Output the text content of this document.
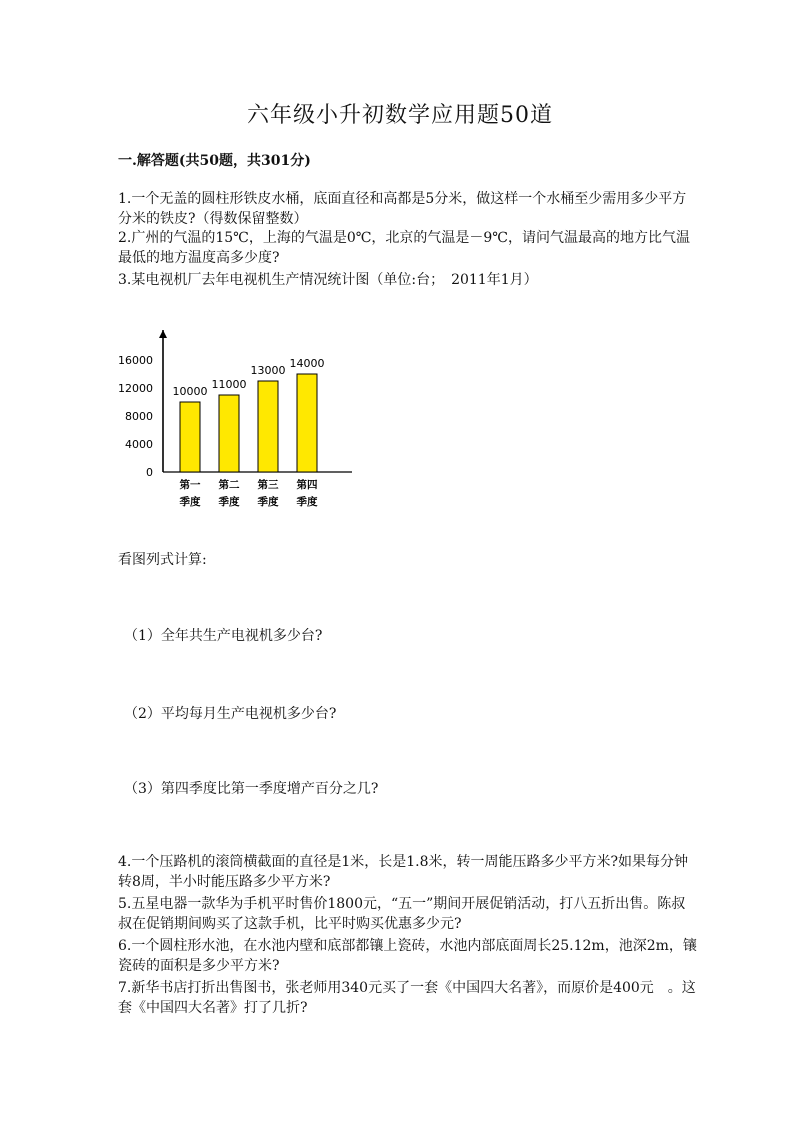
六年级小升初数学应用题50道
一.解答题(共50题，共301分)
1.一个无盖的圆柱形铁皮水桶，底面直径和高都是5分米，做这样一个水桶至少需用多少平方分米的铁皮?（得数保留整数）
2.广州的气温的15℃，上海的气温是0℃，北京的气温是－9℃，请问气温最高的地方比气温最低的地方温度高多少度?
3.某电视机厂去年电视机生产情况统计图（单位:台；　2011年1月）
0
4000
8000
12000
16000
10000
第一
季度
11000
第二
季度
13000
第三
季度
14000
第四
季度
看图列式计算:
（1）全年共生产电视机多少台?
（2）平均每月生产电视机多少台?
（3）第四季度比第一季度增产百分之几?
4.一个压路机的滚筒横截面的直径是1米，长是1.8米，转一周能压路多少平方米?如果每分钟转8周，半小时能压路多少平方米?
5.五星电器一款华为手机平时售价1800元，“五一”期间开展促销活动，打八五折出售。陈叔叔在促销期间购买了这款手机，比平时购买优惠多少元?
6.一个圆柱形水池，在水池内壁和底部都镶上瓷砖，水池内部底面周长25.12m，池深2m，镶瓷砖的面积是多少平方米?
7.新华书店打折出售图书，张老师用340元买了一套《中国四大名著》，而原价是400元　。这套《中国四大名著》打了几折?
